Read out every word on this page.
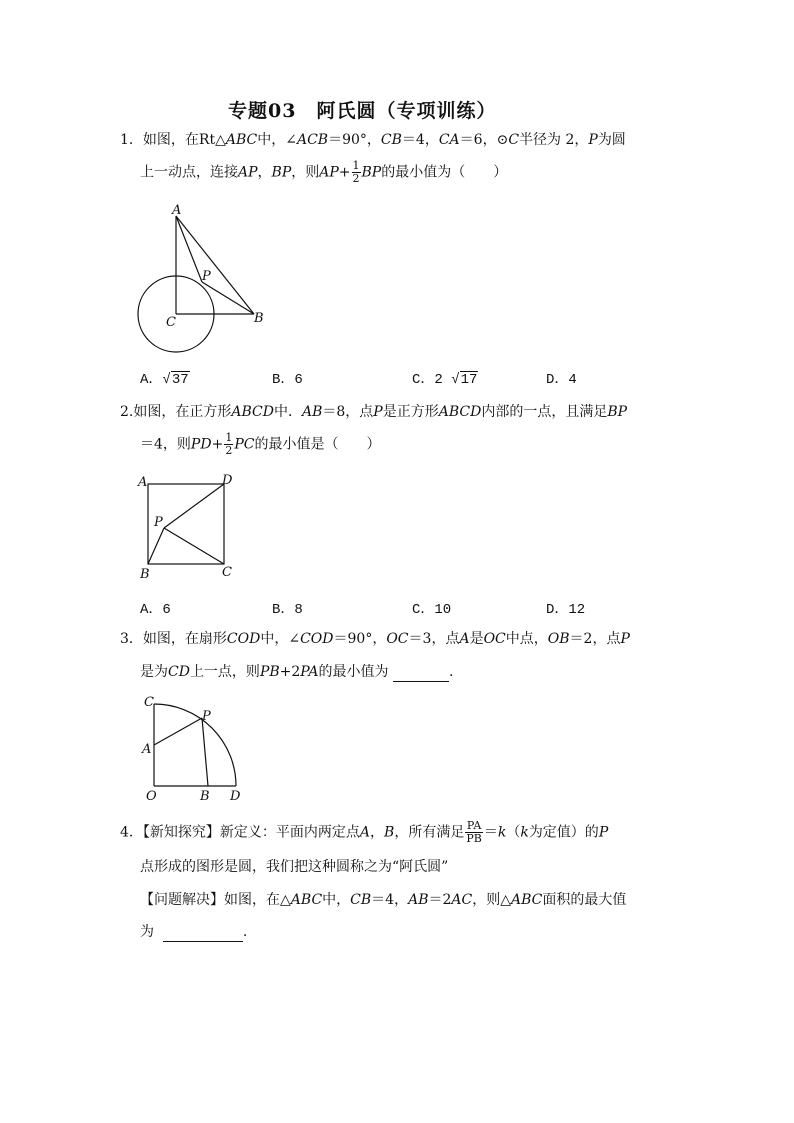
专题03　阿氏圆（专项训练）
1．如图，在Rt△ABC中，∠ACB＝90°，CB＝4，CA＝6，⊙C半径为 2，P为圆
上一动点，连接AP，BP，则$AP+ \frac{1}{2}$ BP的最小值为（　　）
A
P
C	B
A．√37	B．6	C．2 √17	D．4
2.如图，在正方形ABCD中．AB＝8，点P是正方形ABCD内部的一点，且满足BP
＝4，则$PD+ \frac{1}{2}$ PC的最小值是（　　）
A	D
P
B	C
A．6	B．8	C．10	D．12
3．如图，在扇形COD中，∠COD＝90°，OC＝3，点A是OC中点，OB＝2，点P
是为CD上一点，则PB+2PA的最小值为	.
C
P
A
O	B D
4．【新知探究】新定义：平面内两定点A，B，所有满足 $\frac{PA}{PB} =k(k$为定值）的P
点形成的图形是圆，我们把这种圆称之为“阿氏圆”
【问题解决】如图，在△ABC中，CB＝4，AB＝2AC，则△ABC面积的最大值
为	.
